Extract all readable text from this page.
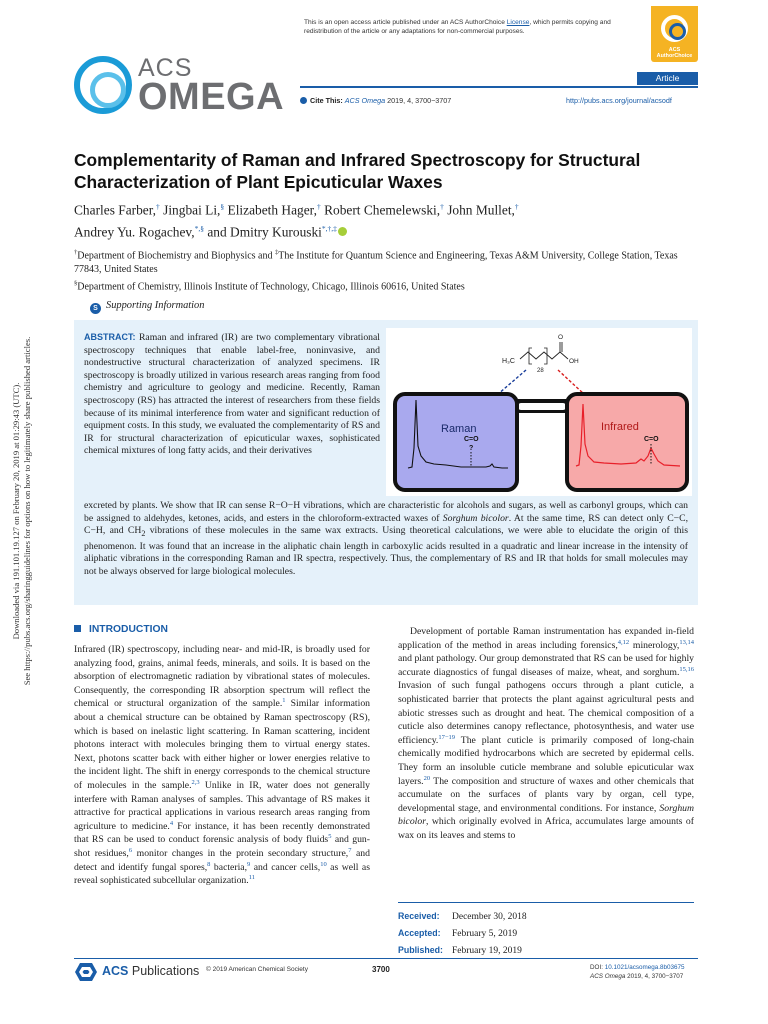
Downloaded via 191.101.19.127 on February 20, 2019 at 01:29:43 (UTC). See https://pubs.acs.org/sharingguidelines for options on how to legitimately share published articles.
This is an open access article published under an ACS AuthorChoice License, which permits copying and redistribution of the article or any adaptations for non-commercial purposes.
ACS AuthorChoice
ACS
OMEGA	Article
Cite This: ACS Omega 2019, 4, 3700−3707	http://pubs.acs.org/journal/acsodf
Complementarity of Raman and Infrared Spectroscopy for Structural Characterization of Plant Epicuticular Waxes
Charles Farber,† Jingbai Li,§ Elizabeth Hager,† Robert Chemelewski,† John Mullet,†
Andrey Yu. Rogachev,*,§ and Dmitry Kurouski*,†,‡
†Department of Biochemistry and Biophysics and ‡The Institute for Quantum Science and Engineering, Texas A&M University, College Station, Texas 77843, United States
§Department of Chemistry, Illinois Institute of Technology, Chicago, Illinois 60616, United States
S Supporting Information
ABSTRACT: Raman and infrared (IR) are two complementary vibrational spectroscopy techniques that enable label-free, noninvasive, and nondestructive structural characterization of analyzed specimens. IR spectroscopy is broadly utilized in various research areas ranging from food chemistry and agriculture to geology and medicine. Recently, Raman spectroscopy (RS) has attracted the interest of researchers from these fields because of its minimal interference from water and significant reduction of equipment costs. In this study, we evaluated the complementarity of RS and IR for structural characterization of epicuticular waxes, sophisticated chemical mixtures of long fatty acids, and their derivatives
H₃C
28
O
OH
Raman
C=O
?
Infrared
C=O
excreted by plants. We show that IR can sense R−O−H vibrations, which are characteristic for alcohols and sugars, as well as carbonyl groups, which can be assigned to aldehydes, ketones, acids, and esters in the chloroform-extracted waxes of Sorghum bicolor. At the same time, RS can detect only C−C, C−H, and $CH_2$ vibrations of these molecules in the same wax extracts. Using theoretical calculations, we were able to elucidate the origin of this phenomenon. It was found that an increase in the aliphatic chain length in carboxylic acids resulted in a quadratic and linear increase in the intensity of aliphatic vibrations in the corresponding Raman and IR spectra, respectively. Thus, the complementary of RS and IR that holds for small molecules may not be always observed for large biological molecules.
INTRODUCTION
Infrared (IR) spectroscopy, including near- and mid-IR, is broadly used for analyzing food, grains, animal feeds, minerals, and soils. It is based on the absorption of electromagnetic radiation by vibrational states of molecules. Consequently, the corresponding IR absorption spectrum will reflect the chemical or structural organization of the sample.$^1$ Similar information about a chemical structure can be obtained by Raman spectroscopy (RS), which is based on inelastic light scattering. In Raman scattering, incident photons interact with molecules bringing them to virtual energy states. Next, photons scatter back with either higher or lower energies relative to the incident light. The shift in energy corresponds to the chemical structure of molecules in the sample.$^{2,3}$ Unlike in IR, water does not generally interfere with Raman analyses of samples. This advantage of RS makes it attractive for practical applications in various research areas ranging from agriculture to medicine.$^4$ For instance, it has been recently demonstrated that RS can be used to conduct forensic analysis of body fluids$^5$ and gun-shot residues,$^6$ monitor changes in the protein secondary structure,$^7$ and detect and identify fungal spores,$^8$ bacteria,$^9$ and cancer cells,$^{10}$ as well as reveal sophisticated subcellular organization.$^{11}$
Development of portable Raman instrumentation has expanded in-field application of the method in areas including forensics,$^{4,12}$ minerology,$^{13,14}$ and plant pathology. Our group demonstrated that RS can be used for highly accurate diagnostics of fungal diseases of maize, wheat, and sorghum.$^{15,16}$ Invasion of such fungal pathogens occurs through a plant cuticle, a sophisticated barrier that protects the plant against agricultural pests and abiotic stresses such as drought and heat. The chemical composition of a cuticle also determines canopy reflectance, photosynthesis, and water use efficiency.$^{17-19}$ The plant cuticle is primarily composed of long-chain chemically modified hydrocarbons which are secreted by epidermal cells. They form an insoluble cuticle membrane and soluble epicuticular wax layers.$^{20}$ The composition and structure of waxes and other chemicals that accumulate on the surfaces of plants vary by organ, cell type, developmental stage, and environmental conditions. For instance, Sorghum bicolor, which originally evolved in Africa, accumulates large amounts of wax on its leaves and stems to
Received: December 30, 2018
Accepted: February 5, 2019
Published: February 19, 2019
ACS Publications © 2019 American Chemical Society	3700	DOI: 10.1021/acsomega.8b03675
ACS Omega 2019, 4, 3700−3707
